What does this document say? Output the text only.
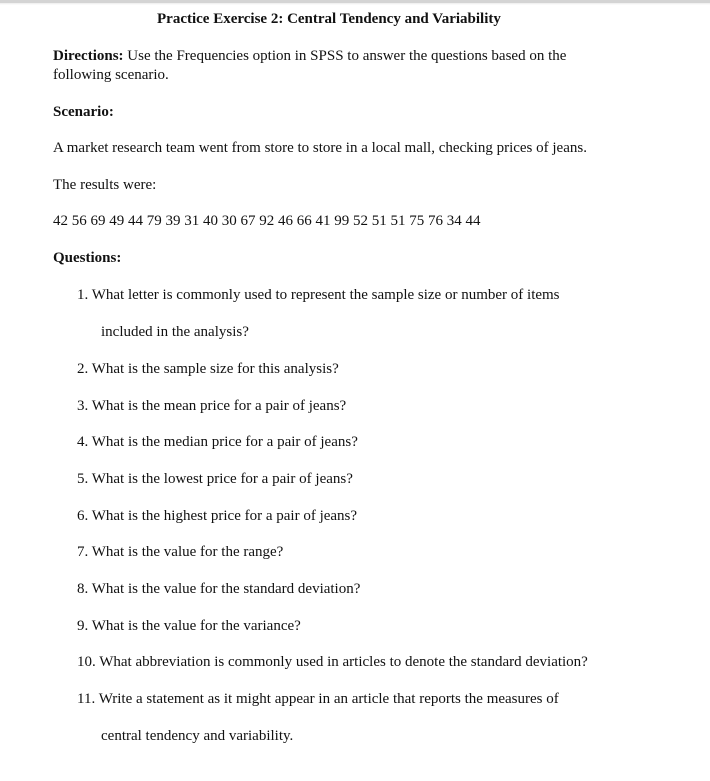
Practice Exercise 2: Central Tendency and Variability
Directions: Use the Frequencies option in SPSS to answer the questions based on the
following scenario.
Scenario:
A market research team went from store to store in a local mall, checking prices of jeans.
The results were:
42 56 69 49 44 79 39 31 40 30 67 92 46 66 41 99 52 51 51 75 76 34 44
Questions:
1. What letter is commonly used to represent the sample size or number of items
included in the analysis?
2. What is the sample size for this analysis?
3. What is the mean price for a pair of jeans?
4. What is the median price for a pair of jeans?
5. What is the lowest price for a pair of jeans?
6. What is the highest price for a pair of jeans?
7. What is the value for the range?
8. What is the value for the standard deviation?
9. What is the value for the variance?
10. What abbreviation is commonly used in articles to denote the standard deviation?
11. Write a statement as it might appear in an article that reports the measures of
central tendency and variability.
